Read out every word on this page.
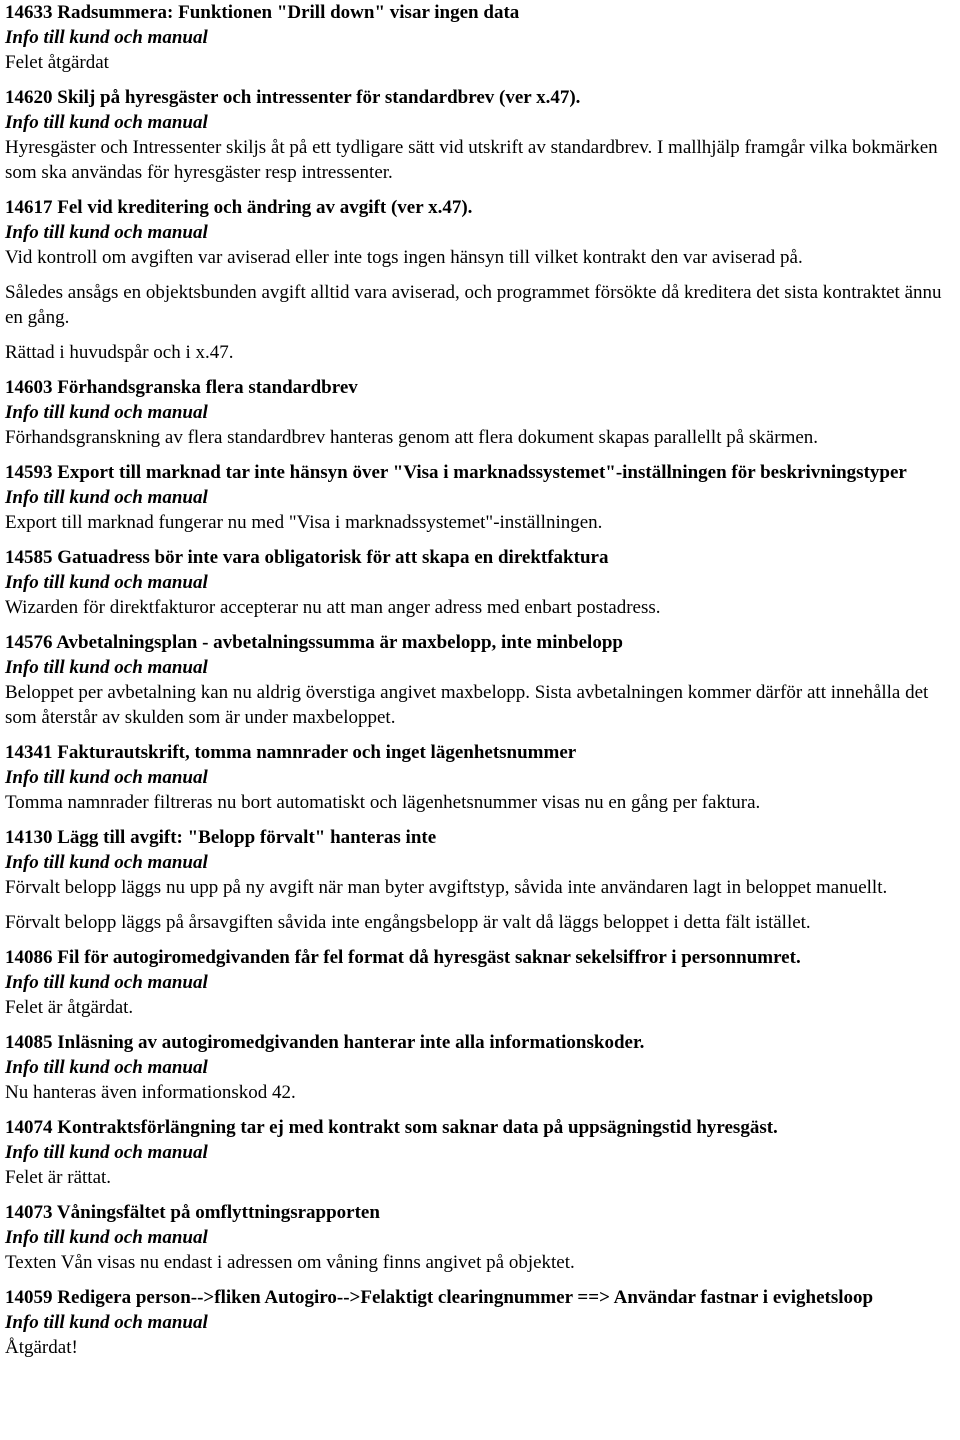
14633 Radsummera: Funktionen "Drill down" visar ingen data

Info till kund och manual

Felet åtgärdat

14620 Skilj på hyresgäster och intressenter för standardbrev (ver x.47).

Info till kund och manual

Hyresgäster och Intressenter skiljs åt på ett tydligare sätt vid utskrift av standardbrev. I mallhjälp framgår vilka bokmärken som ska användas för hyresgäster resp intressenter.

14617 Fel vid kreditering och ändring av avgift (ver x.47).

Info till kund och manual

Vid kontroll om avgiften var aviserad eller inte togs ingen hänsyn till vilket kontrakt den var aviserad på.

Således ansågs en objektsbunden avgift alltid vara aviserad, och programmet försökte då kreditera det sista kontraktet ännu en gång.

Rättad i huvudspår och i x.47.

14603 Förhandsgranska flera standardbrev

Info till kund och manual

Förhandsgranskning av flera standardbrev hanteras genom att flera dokument skapas parallellt på skärmen.

14593 Export till marknad tar inte hänsyn över "Visa i marknadssystemet"-inställningen för beskrivningstyper

Info till kund och manual

Export till marknad fungerar nu med "Visa i marknadssystemet"-inställningen.

14585 Gatuadress bör inte vara obligatorisk för att skapa en direktfaktura

Info till kund och manual

Wizarden för direktfakturor accepterar nu att man anger adress med enbart postadress.

14576 Avbetalningsplan - avbetalningssumma är maxbelopp, inte minbelopp

Info till kund och manual

Beloppet per avbetalning kan nu aldrig överstiga angivet maxbelopp. Sista avbetalningen kommer därför att innehålla det som återstår av skulden som är under maxbeloppet.

14341 Fakturautskrift, tomma namnrader och inget lägenhetsnummer

Info till kund och manual

Tomma namnrader filtreras nu bort automatiskt och lägenhetsnummer visas nu en gång per faktura.

14130 Lägg till avgift: "Belopp förvalt" hanteras inte

Info till kund och manual

Förvalt belopp läggs nu upp på ny avgift när man byter avgiftstyp, såvida inte användaren lagt in beloppet manuellt.

Förvalt belopp läggs på årsavgiften såvida inte engångsbelopp är valt då läggs beloppet i detta fält istället.

14086 Fil för autogiromedgivanden får fel format då hyresgäst saknar sekelsiffror i personnumret.

Info till kund och manual

Felet är åtgärdat.

14085 Inläsning av autogiromedgivanden hanterar inte alla informationskoder.

Info till kund och manual

Nu hanteras även informationskod 42.

14074 Kontraktsförlängning tar ej med kontrakt som saknar data på uppsägningstid hyresgäst.

Info till kund och manual

Felet är rättat.

14073 Våningsfältet på omflyttningsrapporten

Info till kund och manual

Texten Vån visas nu endast i adressen om våning finns angivet på objektet.

14059 Redigera person-->fliken Autogiro-->Felaktigt clearingnummer ==> Användar fastnar i evighetsloop

Info till kund och manual

Åtgärdat!
